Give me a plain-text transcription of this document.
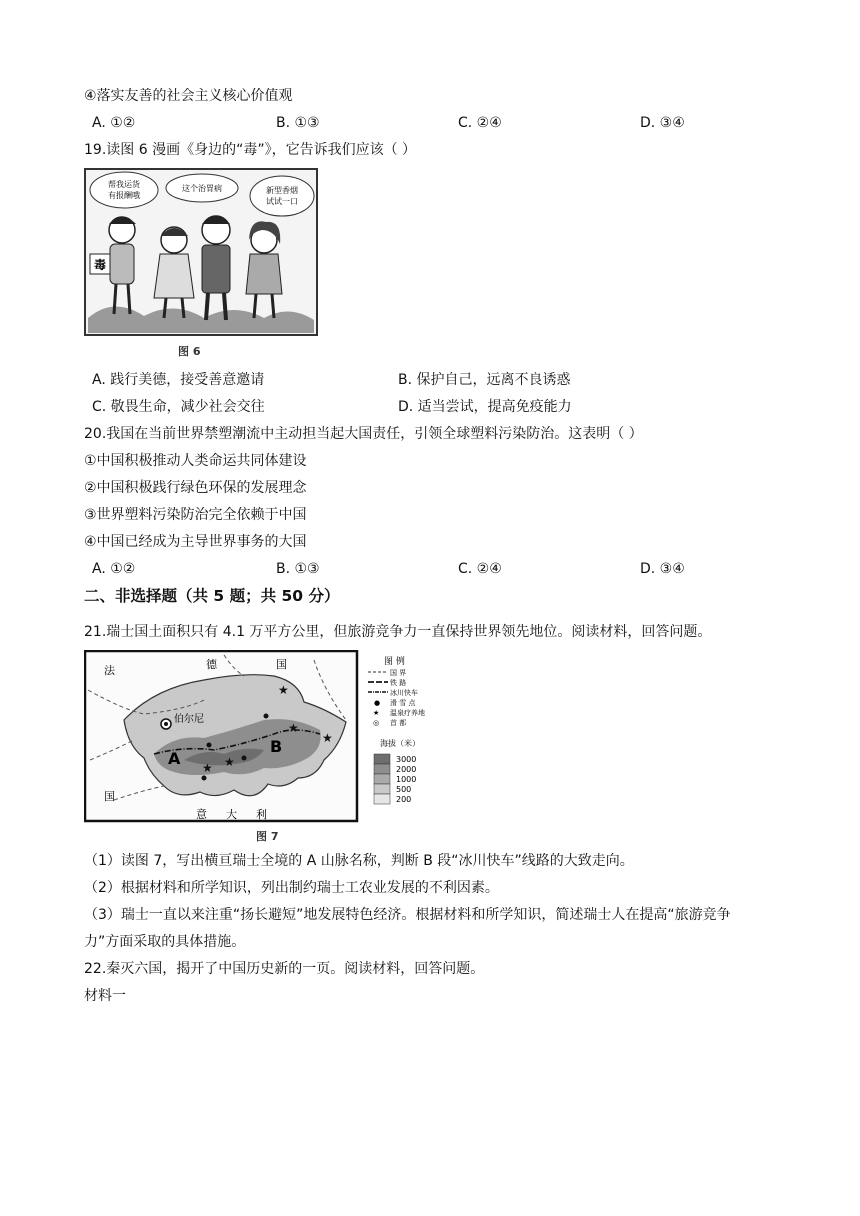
④落实友善的社会主义核心价值观
A. ①②	B. ①③	C. ②④	D. ③④
19.读图 6 漫画《身边的“毒”》，它告诉我们应该（ ）
帮我运货
有报酬哦
这个治胃病	新型香烟
试试一口
毒
图 6
A. 践行美德，接受善意邀请	B. 保护自己，远离不良诱惑
C. 敬畏生命，减少社会交往	D. 适当尝试，提高免疫能力
20.我国在当前世界禁塑潮流中主动担当起大国责任，引领全球塑料污染防治。这表明（ ）
①中国积极推动人类命运共同体建设
②中国积极践行绿色环保的发展理念
③世界塑料污染防治完全依赖于中国
④中国已经成为主导世界事务的大国
A. ①②	B. ①③	C. ②④	D. ③④
二、非选择题（共 5 题；共 50 分）
21.瑞士国土面积只有 4.1 万平方公里，但旅游竞争力一直保持世界领先地位。阅读材料，回答问题。
伯尔尼
★
★
★
★ ★
法	德	国
国
意 大 利
A
B
图 例
国 界
铁 路
冰川快车
● 滑 雪 点
★ 温泉疗养地
◎ 首 都
海拔（米）
3000
2000
1000
500
200
图 7
（1）读图 7，写出横亘瑞士全境的 A 山脉名称，判断 B 段“冰川快车”线路的大致走向。
（2）根据材料和所学知识，列出制约瑞士工农业发展的不利因素。
（3）瑞士一直以来注重“扬长避短”地发展特色经济。根据材料和所学知识，简述瑞士人在提高“旅游竞争
力”方面采取的具体措施。
22.秦灭六国，揭开了中国历史新的一页。阅读材料，回答问题。
材料一
